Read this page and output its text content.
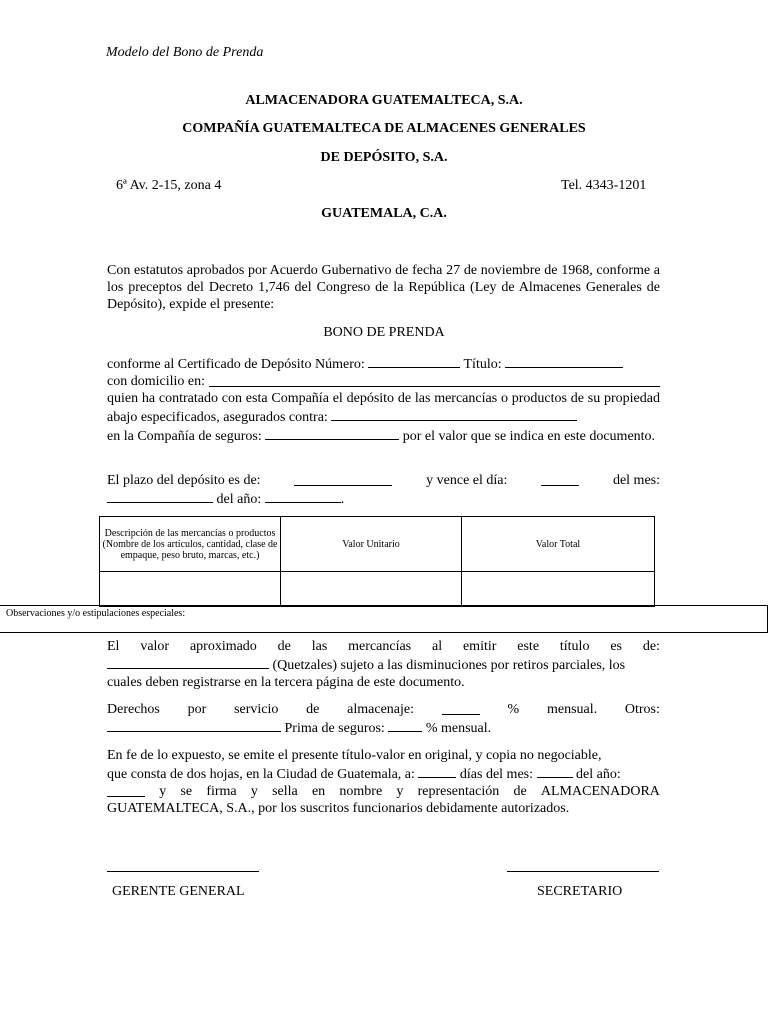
Modelo del Bono de Prenda
ALMACENADORA GUATEMALTECA, S.A.
COMPAÑÍA GUATEMALTECA DE ALMACENES GENERALES
DE DEPÓSITO, S.A.
6ª Av. 2-15, zona 4	Tel. 4343-1201
GUATEMALA, C.A.
Con estatutos aprobados por Acuerdo Gubernativo de fecha 27 de noviembre de 1968, conforme a los preceptos del Decreto 1,746 del Congreso de la República (Ley de Almacenes Generales de Depósito), expide el presente:
BONO DE PRENDA
conforme al Certificado de Depósito Número:	Título:
con domicilio en:
quien ha contratado con esta Compañía el depósito de las mercancías o productos de su propiedad abajo especificados, asegurados contra:
en la Compañía de seguros:	por el valor que se indica en este documento.
El plazo del depósito es de:	y vence el día:	del mes:
del año:	.
Descripción de las mercancías o productos (Nombre de los artículos, cantidad, clase de empaque, peso bruto, marcas, etc.)	Valor Unitario	Valor Total

Observaciones y/o estipulaciones especiales:
El valor aproximado de las mercancías al emitir este título es de:
(Quetzales) sujeto a las disminuciones por retiros parciales, los
cuales deben registrarse en la tercera página de este documento.
Derechos por servicio de almacenaje:	% mensual. Otros:
Prima de seguros:	% mensual.
En fe de lo expuesto, se emite el presente título-valor en original, y copia no negociable,
que consta de dos hojas, en la Ciudad de Guatemala, a:	días del mes:	del año:
y se firma y sella en nombre y representación de ALMACENADORA
GUATEMALTECA, S.A., por los suscritos funcionarios debidamente autorizados.
GERENTE GENERAL	SECRETARIO
